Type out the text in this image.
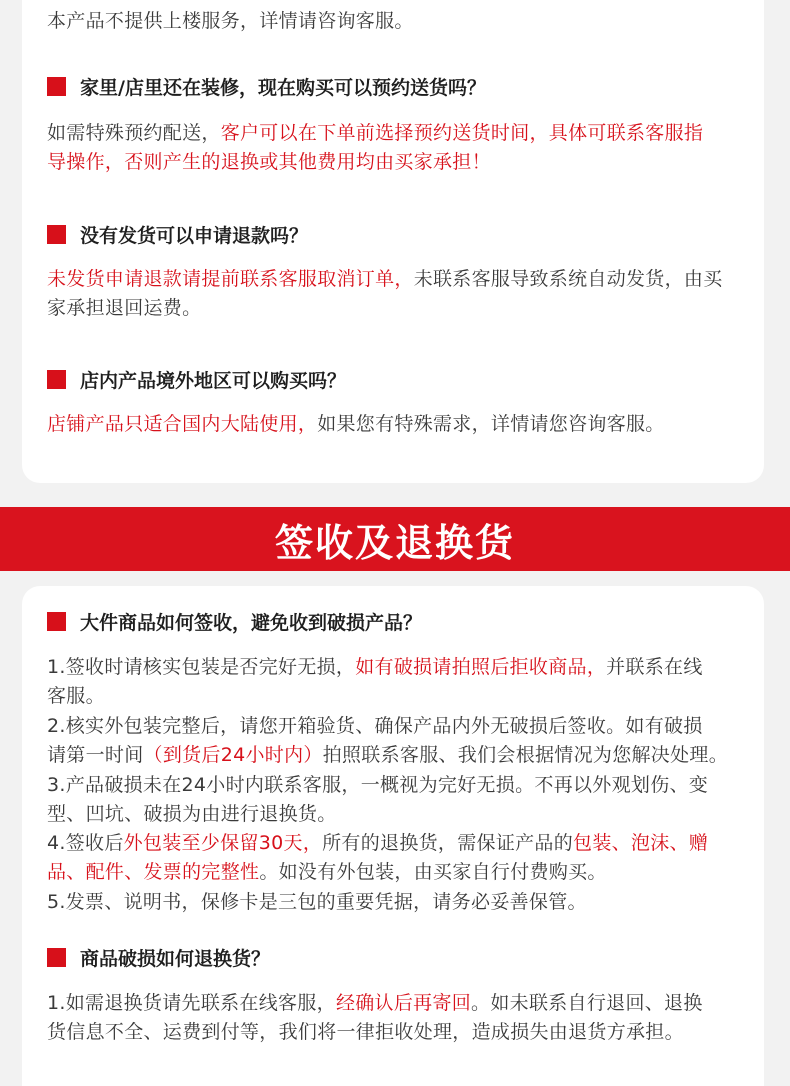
本产品不提供上楼服务，详情请咨询客服。
家里/店里还在装修，现在购买可以预约送货吗？
如需特殊预约配送，客户可以在下单前选择预约送货时间，具体可联系客服指
导操作，否则产生的退换或其他费用均由买家承担！
没有发货可以申请退款吗？
未发货申请退款请提前联系客服取消订单，未联系客服导致系统自动发货，由买
家承担退回运费。
店内产品境外地区可以购买吗？
店铺产品只适合国内大陆使用，如果您有特殊需求，详情请您咨询客服。
签收及退换货
大件商品如何签收，避免收到破损产品？
1.签收时请核实包装是否完好无损，如有破损请拍照后拒收商品，并联系在线
客服。
2.核实外包装完整后，请您开箱验货、确保产品内外无破损后签收。如有破损
请第一时间（到货后24小时内）拍照联系客服、我们会根据情况为您解决处理。
3.产品破损未在24小时内联系客服，一概视为完好无损。不再以外观划伤、变
型、凹坑、破损为由进行退换货。
4.签收后外包装至少保留30天，所有的退换货，需保证产品的包装、泡沫、赠
品、配件、发票的完整性。如没有外包装，由买家自行付费购买。
5.发票、说明书，保修卡是三包的重要凭据，请务必妥善保管。
商品破损如何退换货？
1.如需退换货请先联系在线客服，经确认后再寄回。如未联系自行退回、退换
货信息不全、运费到付等，我们将一律拒收处理，造成损失由退货方承担。
